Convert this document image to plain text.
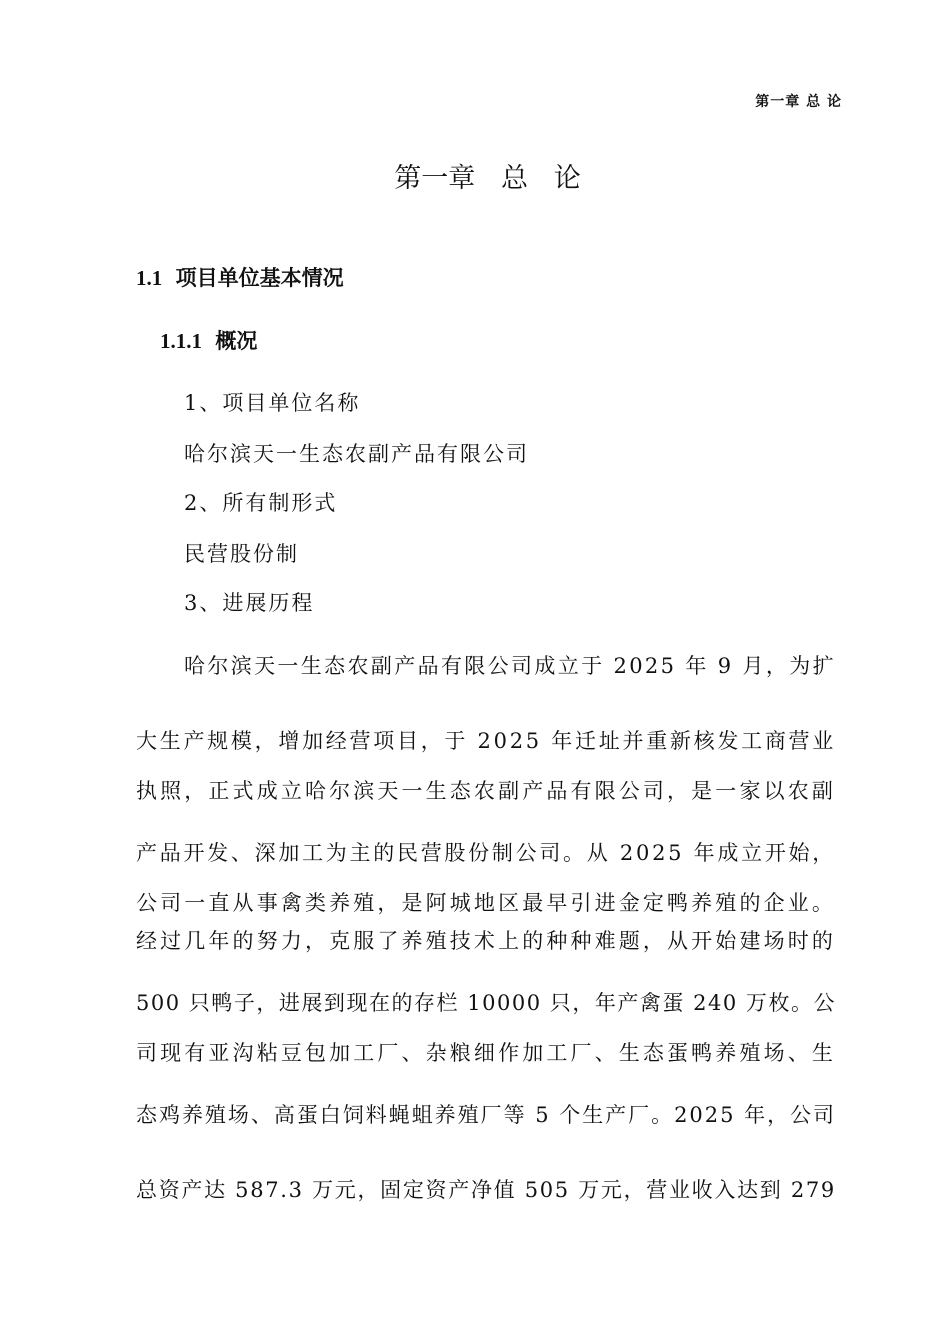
第一章 总 论
第一章   总   论
1.1 项目单位基本情况
1.1.1 概况
1、项目单位名称
哈尔滨天一生态农副产品有限公司
2、所有制形式
民营股份制
3、进展历程
哈尔滨天一生态农副产品有限公司成立于 2025 年 9 月，为扩
大生产规模，增加经营项目，于 2025 年迁址并重新核发工商营业
执照，正式成立哈尔滨天一生态农副产品有限公司，是一家以农副
产品开发、深加工为主的民营股份制公司。从 2025 年成立开始，
公司一直从事禽类养殖，是阿城地区最早引进金定鸭养殖的企业。
经过几年的努力，克服了养殖技术上的种种难题，从开始建场时的
500 只鸭子，进展到现在的存栏 10000 只，年产禽蛋 240 万枚。公
司现有亚沟粘豆包加工厂、杂粮细作加工厂、生态蛋鸭养殖场、生
态鸡养殖场、高蛋白饲料蝇蛆养殖厂等 5 个生产厂。2025 年，公司
总资产达 587.3 万元，固定资产净值 505 万元，营业收入达到 279
